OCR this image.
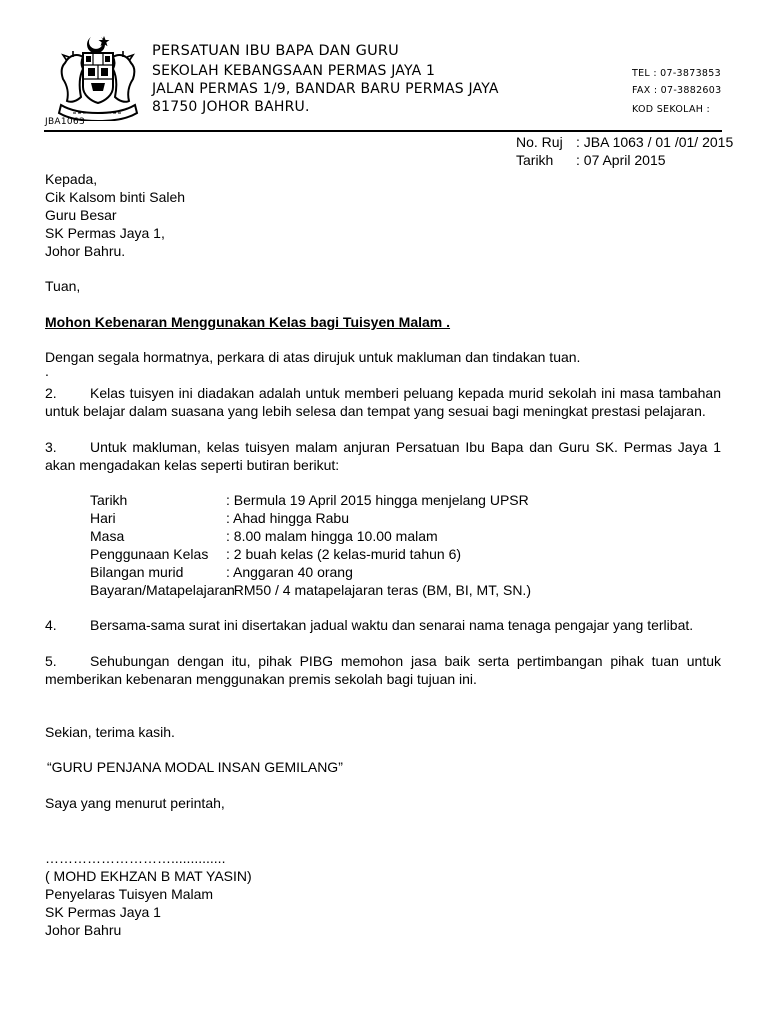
JBA1063
PERSATUAN IBU BAPA DAN GURU
SEKOLAH KEBANGSAAN PERMAS JAYA 1
JALAN PERMAS 1/9, BANDAR BARU PERMAS JAYA
81750 JOHOR BAHRU.
TEL : 07-3873853
FAX : 07-3882603
KOD SEKOLAH :
No. Ruj : JBA 1063 / 01 /01/ 2015
Tarikh : 07 April 2015
Kepada,
Cik Kalsom binti Saleh
Guru Besar
SK Permas Jaya 1,
Johor Bahru.
Tuan,
Mohon Kebenaran Menggunakan Kelas bagi Tuisyen Malam .
Dengan segala hormatnya, perkara di atas dirujuk untuk makluman dan tindakan tuan.
.
2. Kelas tuisyen ini diadakan adalah untuk memberi peluang kepada murid sekolah ini masa tambahan untuk belajar dalam suasana yang lebih selesa dan tempat yang sesuai bagi meningkat prestasi pelajaran.
3. Untuk makluman, kelas tuisyen malam anjuran Persatuan Ibu Bapa dan Guru SK. Permas Jaya 1 akan mengadakan kelas seperti butiran berikut:
Tarikh	: Bermula 19 April 2015 hingga menjelang UPSR
Hari	: Ahad hingga Rabu
Masa	: 8.00 malam hingga 10.00 malam
Penggunaan Kelas : 2 buah kelas (2 kelas-murid tahun 6)
Bilangan murid	: Anggaran 40 orang
Bayaran/Matapelajaran: RM50 / 4 matapelajaran teras (BM, BI, MT, SN.)
4. Bersama-sama surat ini disertakan jadual waktu dan senarai nama tenaga pengajar yang terlibat.
5. Sehubungan dengan itu, pihak PIBG memohon jasa baik serta pertimbangan pihak tuan untuk memberikan kebenaran menggunakan premis sekolah bagi tujuan ini.
Sekian, terima kasih.
“GURU PENJANA MODAL INSAN GEMILANG”
Saya yang menurut perintah,
………………………..............
( MOHD EKHZAN B MAT YASIN)
Penyelaras Tuisyen Malam
SK Permas Jaya 1
Johor Bahru
